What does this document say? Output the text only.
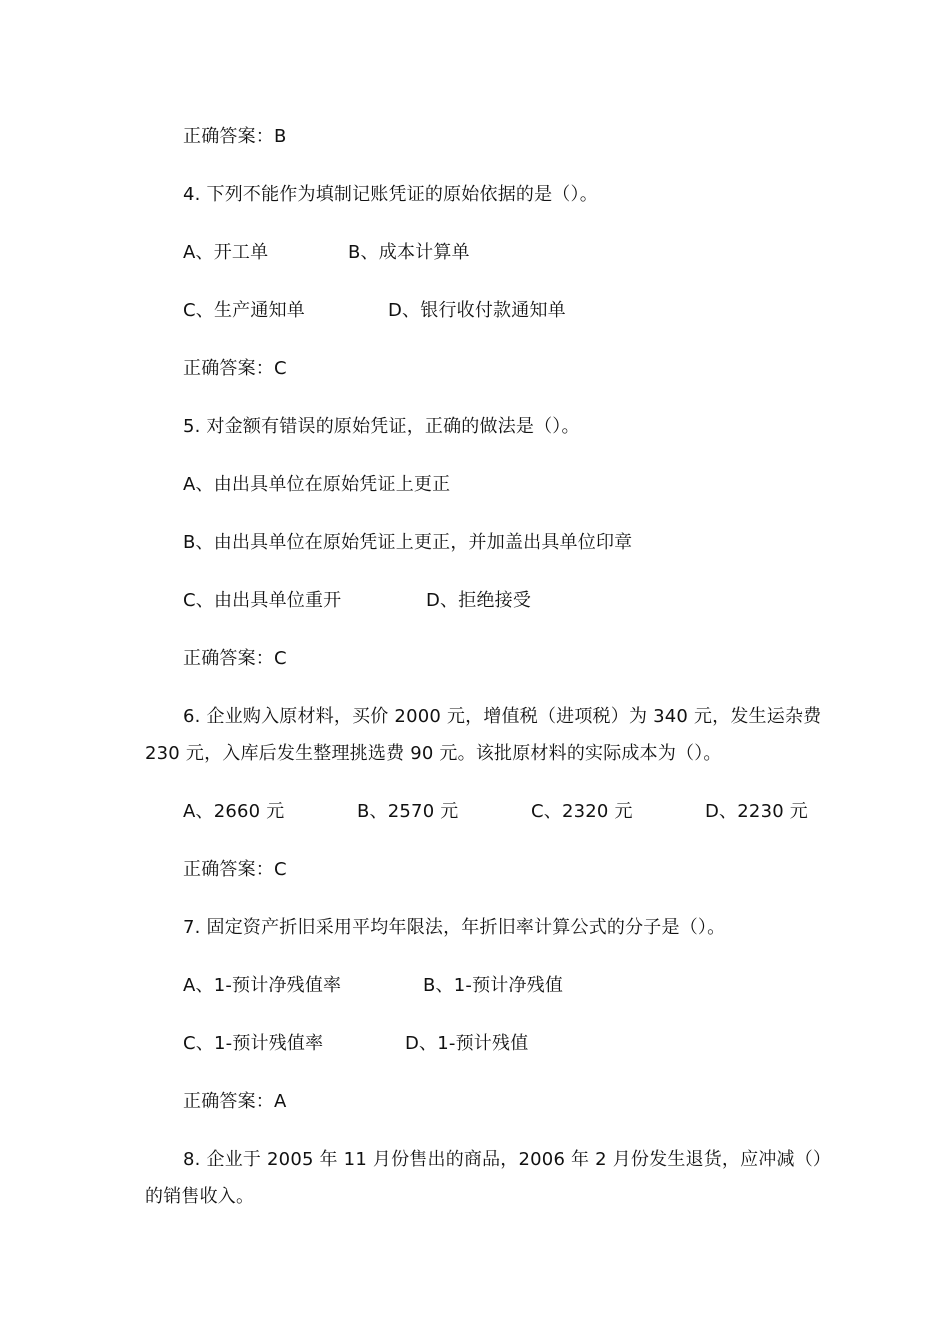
正确答案：B
4. 下列不能作为填制记账凭证的原始依据的是（）。
A、开工单	B、成本计算单
C、生产通知单	D、银行收付款通知单
正确答案：C
5. 对金额有错误的原始凭证，正确的做法是（）。
A、由出具单位在原始凭证上更正
B、由出具单位在原始凭证上更正，并加盖出具单位印章
C、由出具单位重开	D、拒绝接受
正确答案：C
6. 企业购入原材料，买价 2000 元，增值税（进项税）为 340 元，发生运杂费
230 元，入库后发生整理挑选费 90 元。该批原材料的实际成本为（）。
A、2660 元	B、2570 元	C、2320 元	D、2230 元
正确答案：C
7. 固定资产折旧采用平均年限法，年折旧率计算公式的分子是（）。
A、1-预计净残值率	B、1-预计净残值
C、1-预计残值率	D、1-预计残值
正确答案：A
8. 企业于 2005 年 11 月份售出的商品，2006 年 2 月份发生退货，应冲减（）
的销售收入。
